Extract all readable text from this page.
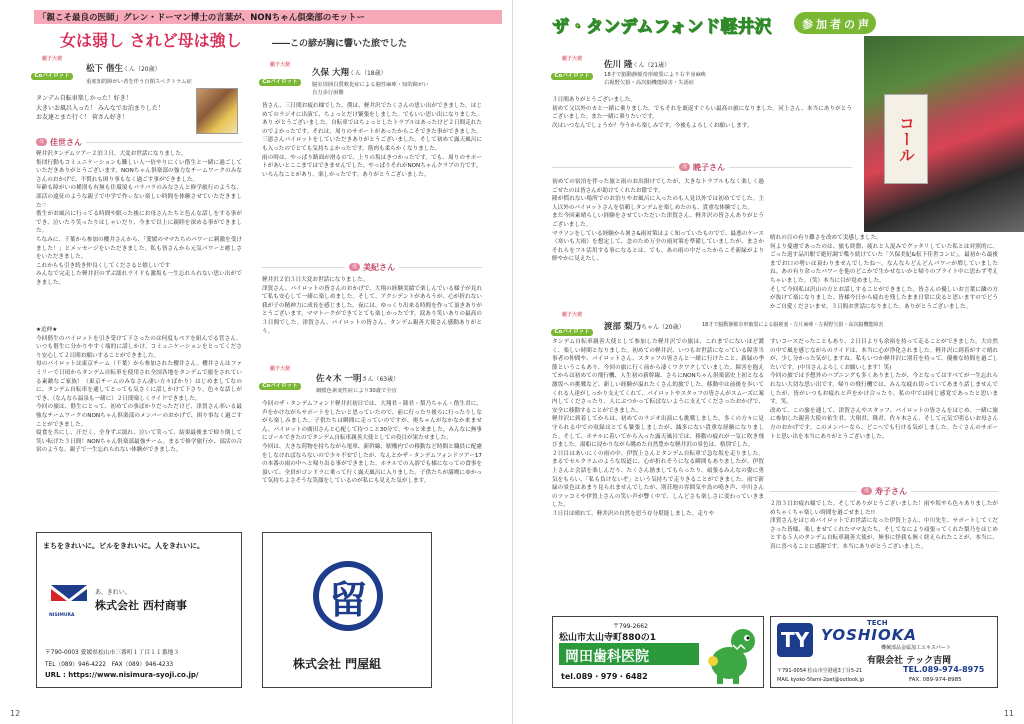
「親こそ最良の医師」グレン・ドーマン博士の言葉が、NONちゃん倶楽部のモットー
女は弱し されど母は強し	――この諺が胸に響いた旅でした
親子大使
Coパイロット
松下 偕生くん（20歳）
重度知的障がい者を伴う自閉スペクトラム症
タンデム自転車楽しかった！好き！
大きいお風呂入った！ みんなでお泊まりした！
お友達とまた行く！ 菅さん好き！
母 佳世さん
軽井沢タンデムツアー２泊３日、大変お世話になりました。
集団行動もコミュニケーションも難しい人一倍やりにくい偕生と一緒に過ごしていただきありがとうございます。NONちゃん倶楽部の強力なチームワークのみなさんのおかげで、不慣れも困り事もなく過ごす事ができました。
年齢も障がいの種別も有無も住環境もバラバラのみなさんと修学旅行のような、部活の遠征のような親子で中学で作ぃない楽しい時間を体験させていただきました♡
偕生がお風呂に行ってる時間や眠った後にお母さんたちと色んな話しをする事ができ、泣いたり笑ったりはしゃいだり、今まで以上に親睦を深める事ができました。
ちなみに、千葉から参加の櫻井さんから、「愛媛のママたちのパワーに刺激を受けました！」とメッセージをいただきました。私も皆さんから元気パワーと癒しさをいただきました。
これからも引き続き仲良くしてくださると嬉しいです
みんなで完走した軽井沢のずぶ濡れライドも激坂も一生忘れられない思い出ができました。
★追伸★
今回偕生のパイロットを引き受けて下さったのは何度もペアを組んでる菅さん。いつも偕生に分かりやすく端的に話しかけ、コミュニケーションをとってくださり安心して２日間お願いすることができました。
母のパイロットは東京チーム（千葉）から参加された櫻井さん。櫻井さんはファミリーで日頃からタンデム自転車を使用され全国各地をタンデムで旅をされている素敵なご家族！（東京チームのみなさん凄い方々ばかり）はじめましてなのに、タンデム自転車を通してとっても気さくに話しかけて下さり、色々な話しができ、（なんなら温泉も一緒に）２日間楽しくライドできました。
今回の旅は、偕生にとって、初めての事ばかりだっただけど、津賀さん率いる最強なチームワークのNONちゃん倶楽部のメンバーのおかげで、困り事なく過ごすことができました。
寝食を共にし、汗だく、全身ずぶ濡れ、泣いて笑って、結果最後まで帰り倒して笑い転げた３日間！NONちゃん倶楽部最強チーム。まるで修学旅行か、部活の合宿のような、親子で一生忘れられない体験ができました。
親子大使
Coパイロット
久保 大翔くん（18歳）
脳室周囲白質軟化症による脳性麻痺・知的障がい
自力歩行困難
皆さん、三日間お疲れ様でした。僕は、軽井沢でたくさんの思い出ができました。はじめてのラジオに出演て、ちょっとだけ緊張をしました。でもいい思い出になりました。あり がとうございました。自転車ではちょっとしたトラブルはあったけど２日間走れたのでよかったです。それは、周りのサポートがあったからこそできた事ができました。三恩さんパイロットをしていただきありがとうございました。そして初めて露天風呂にも入ったのでとても気持ちよかったです。筋肉も柔らかくなりました。
雨の時は、やっぱり路面が滑るので、上りの坂はきつかったです。でも、周りのサポートがあいとここまではできませんでした。やっぱりそれがNONちゃんクラブの力です。
いろんなことがあり、楽しかったです。ありがとうございました。
母 美紀さん
軽井沢２泊３日大変お世話になりました。
津賀さん、パイロットの皆さんのおかげで、大翔の経験実績で楽しんでいる様子が見れて私も安心して一緒に楽しめました。そして、アクシデントがあろうが、心が折れない我が子の精神力に成長を感じました。夜には、ゆっくり出来る時間を作って頂きありがとうございます。ママトークができてとても楽しかったです。涙あり笑いありの最高の３日間でした。津賀さん、パイロットの皆さん、タンデム親善大使さん感動ありがとう。
親子大使
Coパイロット
佐々木 一明さん（63歳）
網膜色素変性症により30歳で全盲
今回のザ・タンデムフォンド軽井沢初日では、大翔君・隆君・梨乃ちゃん・偕生君に、声をかけながらサポートをしたいと思っていたので、前に行ったり後ろに行ったりしながら楽しみました。子供たちは瞬間に走っていのですが、奥ちゃんがなかなか来ません。パイロットの廣田さんと心配して待つこと30分で、やっと来ました。みんなに無事にゴールできたのでタンデム自転車親善大使としての役目が果たせました。
今回は、大きな荷物を持ちながら電車、新幹線、駅構内での移動など時間と職員に配慮をしなければならないので少々不安でしたが、なんとかザ・タンデムフォンドツアー17の本番の雨の中へと帰り出る事ができました。ホテルでの入浴でも様になっての食事を頂いて、全員がゴンドラに乗って行く露天風呂に入りました。子供たちが満喫にゆかって気持ちよさそうな笑顔をしているのが私にも見えた気がします。
まちをきれいに。ビルをきれいに。人をきれいに。
NISIMURA
あ、きれい。
株式会社 西村商事
〒790-0003 愛媛県松山市三番町１丁目１１番地３
TEL（089）946-4222　FAX（089）946-4233
URL : https://www.nisimura-syoji.co.jp/
留
株式会社 門屋組
12
ザ・タンデムフォンド軽井沢	参加者の声
コール
親子大使
Coパイロット
佐川 隆くん（21歳）
18才で脳動静脈奇形破裂により右半身麻痺
右視野欠損・高次脳機能障害・失語症
３日間ありがとうございました。
初めて父以外のカと一緒に乗りました。でもそれを裏返すぐらい最高の旅になりました。河上さん、本当にありがとうございました。また一緒に乗りたいです。
次はいつなんでしょうか？今うから楽しみです。今後もよろしくお願いします。
母 暁子さん
初めての宿泊を伴った旅と雨のお出掛けでしたが、大きなトラブルもなく楽しく過ごせたのは皆さんが助けてくれたお陰です。
隆が慣れない場所でのお泊りやお風呂に入ったのも人見以外では初めてでした。主人以外のパイロットさんを信頼しタンデムを楽しめたのも、貴重な体験でした。
また今回素晴らしい経験をさせていただいた津賀さん、軽井沢の皆さんありがとうございました。
マラソンをしている経験から暑さ&雨対策はよく知っていたものでで、最悪のケース（寒いも大雨）を想定して、念のため万全の雨対策を準備していましたが、まさかそれらをフル活用する事になるとは。でも、あの雨の中だったからこそ新緑がより鮮やかに見えたし、
晴れの日の有り難さを改めて実感しました。
何より憂慮であったのは、旅も終盤、疲れと人混みでグッタリしていた私とは対照的に、ごった返す品川駅で絶好調で喋り続けていた「久保美紀&松下佳世コンビ」。最初から最後までお口の勢いは衰わりませんでしたね〜。なんならどんどんパワーが増していましたね。あの有り余ったパワーを他のどこかで生かせないかと帰りのブライト中に思わず考えちゃいました。（笑）本当に目が覚めました。
そして今回私は沢山の方とお話しすることができました。皆さんの優しいお言葉に隣の方が抜けて楽になりました。皆様今日から疲れを残したまま日常に戻ると思いますのでどうかご自愛くださいませ。３日間お世話になりました。ありがとうございました。
親子大使
Coパイロット	渡部 梨乃ちゃん（20歳）	18才で脳動静脈奇形破裂による脳梗塞・左片麻痺・左視野欠損・高次脳機能障害
タンデム自転車親善大使として参加した軽井沢での旅は、これまでにないほど濃く、楽しい時間となりました。初めての軽井沢、いつもお世話になっている障害当事者の仲間や、パイロットさん、スタッフの皆さんと一緒に行けたこと、新緑の季節というこもあり、今回の旅に行く前から凄くワクワクしていました。障害を抱えてからは初めての飛行機、人生初の新幹線、さらにNONちゃん倶楽部史上初となる激坂への挑戦など、新しい経験が溢れたくさん的旅でした。移動中は前後を歩いてくれる人達がしっかり支えてくれて、パイロットやスタッフの皆さんがスムーズに案内してくださったり、人にぶつかって転ばないように支えてくださったおかげで、安全に移動することができました。
軽井沢に到着してからは、初めてのラジオ出演にも挑戦しました。多くの方々に見守られる中での収録はとても緊張しましたが、滅多にない貴重な経験になりました。そして、ホテルに着いてから入った露天風呂では、移動の疲れが一気に吹き飛びました。湯船に浸かりながら眺めた自然豊かな軽井沢の景色は、格別でした。
２日目はあいにくの雨の中、伊賀上さんとタンデム自転車で急な坂を走りました。まるでセルクラムのような坂道に、心が折れそうになる瞬間もありましたが、伊賀上さんと会話を楽しんだり、たくさん励ましてもらったり、頑張るみんなの姿に勇気をもらい、「私も負けないぞ」という気持ちで走りきることができました。雨で新緑の景色はあまり見られませんでしたが、別荘地の雰囲気や鳥の鳴き声、中川さんのツッコミや伊賀上さんの笑い声が響く中で、しんどさも楽しさに変わっていきました。
３日目は晴れて、軽井沢の自然を思う存分堪能しました。走りや
すいコースだったこともあり、２日目よりも余裕を持って走ることができました。大自然の中で風を感じながらのライドは、本当に心が浄化されました。軽井沢に到着がすぐ晴れが、少し分かった気がしますね。私もいつか軽井沢に別荘を持って、優雅な時間を過ごしたいです。(中川さんよろしくお願いします！笑)
今回の旅では予想外のハプニングも多くありましたが、今となってはすべてが一生忘れられない大切な思い出です。帰りの飛行機では、みんな疲れ切っていてあまり話しませんでしたが、皆がいつもお疲れと声をかけ合ったり、私の中では同じ感覚であったと思います。笑。
改めて、この旅を通して、津賀さんやスタッフ、パイロットの皆さんをはじめ、一緒に旅に参加した親善大使の佑生君、大翔君、隆君、佐々木さん、そして元気で明るいお母さん方のおかげです。このメンバーなら、どこへでも行ける気がしました。たくさんのサポートと思い出を本当にありがとうございました。
母 寿子さん
２泊３日お疲れ様でした。そしてありがとうございました！雨や坂やら色々ありましたがめちゃくちゃ楽しい時間を過ごせました!!
津賀さんをはじめパイロットでお世話になった伊賀上さん、中川先生、サポートしてくださった皆様、楽しませてくれたママ友たち、そしてなにより頑張ってくれた梨乃をはじめとする５人のタンデム自転車親善大使が、無事に怪我も無く終えられたことが、本当に、真に喜べることに感謝です。本当にありがとうございました。
〒799-2662
松山市太山寺町880の1
岡田歯科医院
tel.089・979・6482
TY
TECH
YOSHIOKA
機械部品金属加工エキスパート
有限会社 テック吉岡
〒791-0054 松山市空港通3丁目5-21	TEL.089-974-8975
MAIL kyoko-5fami-2pet@outlook.jp	FAX. 089-974-8985
11
